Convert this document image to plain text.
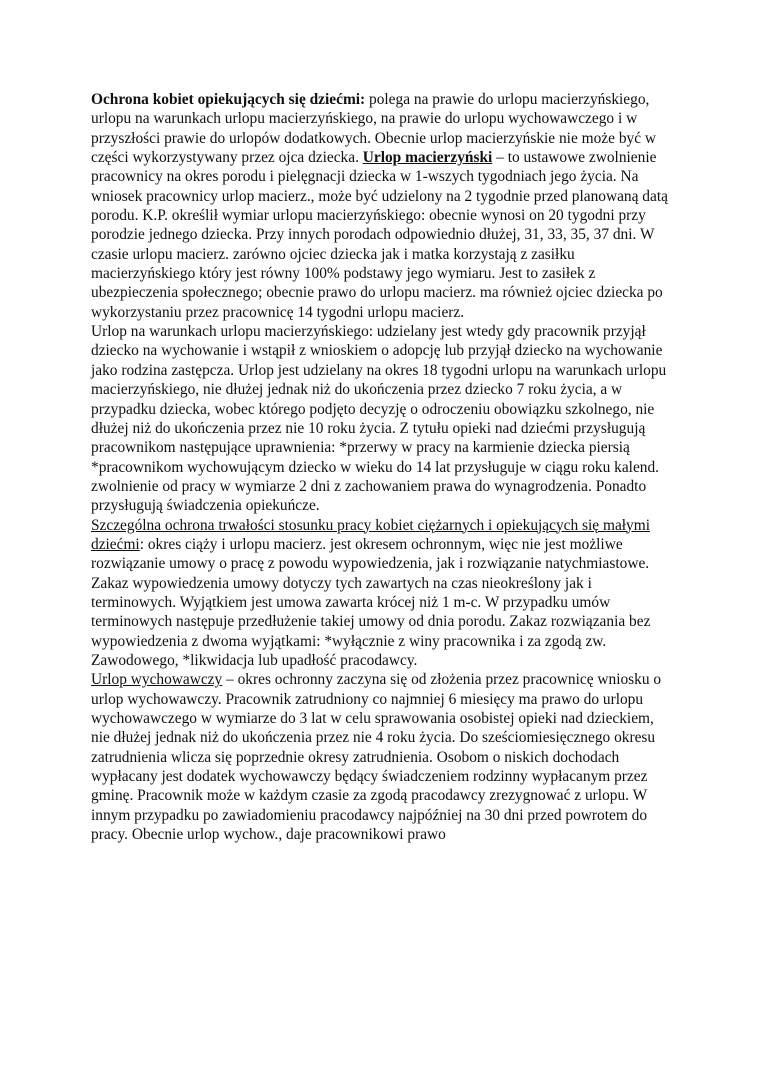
Ochrona kobiet opiekujących się dziećmi: polega na prawie do urlopu macierzyńskiego, urlopu na warunkach urlopu macierzyńskiego, na prawie do urlopu wychowawczego i w przyszłości prawie do urlopów dodatkowych. Obecnie urlop macierzyńskie nie może być w części wykorzystywany przez ojca dziecka. Urlop macierzyński – to ustawowe zwolnienie pracownicy na okres porodu i pielęgnacji dziecka w 1-wszych tygodniach jego życia. Na wniosek pracownicy urlop macierz., może być udzielony na 2 tygodnie przed planowaną datą porodu. K.P. określił wymiar urlopu macierzyńskiego: obecnie wynosi on 20 tygodni przy porodzie jednego dziecka. Przy innych porodach odpowiednio dłużej, 31, 33, 35, 37 dni. W czasie urlopu macierz. zarówno ojciec dziecka jak i matka korzystają z zasiłku macierzyńskiego który jest równy 100% podstawy jego wymiaru. Jest to zasiłek z ubezpieczenia społecznego; obecnie prawo do urlopu macierz. ma również ojciec dziecka po wykorzystaniu przez pracownicę 14 tygodni urlopu macierz.

Urlop na warunkach urlopu macierzyńskiego: udzielany jest wtedy gdy pracownik przyjął dziecko na wychowanie i wstąpił z wnioskiem o adopcję lub przyjął dziecko na wychowanie jako rodzina zastępcza. Urlop jest udzielany na okres 18 tygodni urlopu na warunkach urlopu macierzyńskiego, nie dłużej jednak niż do ukończenia przez dziecko 7 roku życia, a w przypadku dziecka, wobec którego podjęto decyzję o odroczeniu obowiązku szkolnego, nie dłużej niż do ukończenia przez nie 10 roku życia. Z tytułu opieki nad dziećmi przysługują pracownikom następujące uprawnienia: *przerwy w pracy na karmienie dziecka piersią *pracownikom wychowującym dziecko w wieku do 14 lat przysługuje w ciągu roku kalend. zwolnienie od pracy w wymiarze 2 dni z zachowaniem prawa do wynagrodzenia. Ponadto przysługują świadczenia opiekuńcze.

Szczególna ochrona trwałości stosunku pracy kobiet ciężarnych i opiekujących się małymi dziećmi: okres ciąży i urlopu macierz. jest okresem ochronnym, więc nie jest możliwe rozwiązanie umowy o pracę z powodu wypowiedzenia, jak i rozwiązanie natychmiastowe. Zakaz wypowiedzenia umowy dotyczy tych zawartych na czas nieokreślony jak i terminowych. Wyjątkiem jest umowa zawarta krócej niż 1 m-c. W przypadku umów terminowych następuje przedłużenie takiej umowy od dnia porodu. Zakaz rozwiązania bez wypowiedzenia z dwoma wyjątkami: *wyłącznie z winy pracownika i za zgodą zw. Zawodowego, *likwidacja lub upadłość pracodawcy.

Urlop wychowawczy – okres ochronny zaczyna się od złożenia przez pracownicę wniosku o urlop wychowawczy. Pracownik zatrudniony co najmniej 6 miesięcy ma prawo do urlopu wychowawczego w wymiarze do 3 lat w celu sprawowania osobistej opieki nad dzieckiem, nie dłużej jednak niż do ukończenia przez nie 4 roku życia. Do sześciomiesięcznego okresu zatrudnienia wlicza się poprzednie okresy zatrudnienia. Osobom o niskich dochodach wypłacany jest dodatek wychowawczy będący świadczeniem rodzinny wypłacanym przez gminę. Pracownik może w każdym czasie za zgodą pracodawcy zrezygnować z urlopu. W innym przypadku po zawiadomieniu pracodawcy najpóźniej na 30 dni przed powrotem do pracy. Obecnie urlop wychow., daje pracownikowi prawo
